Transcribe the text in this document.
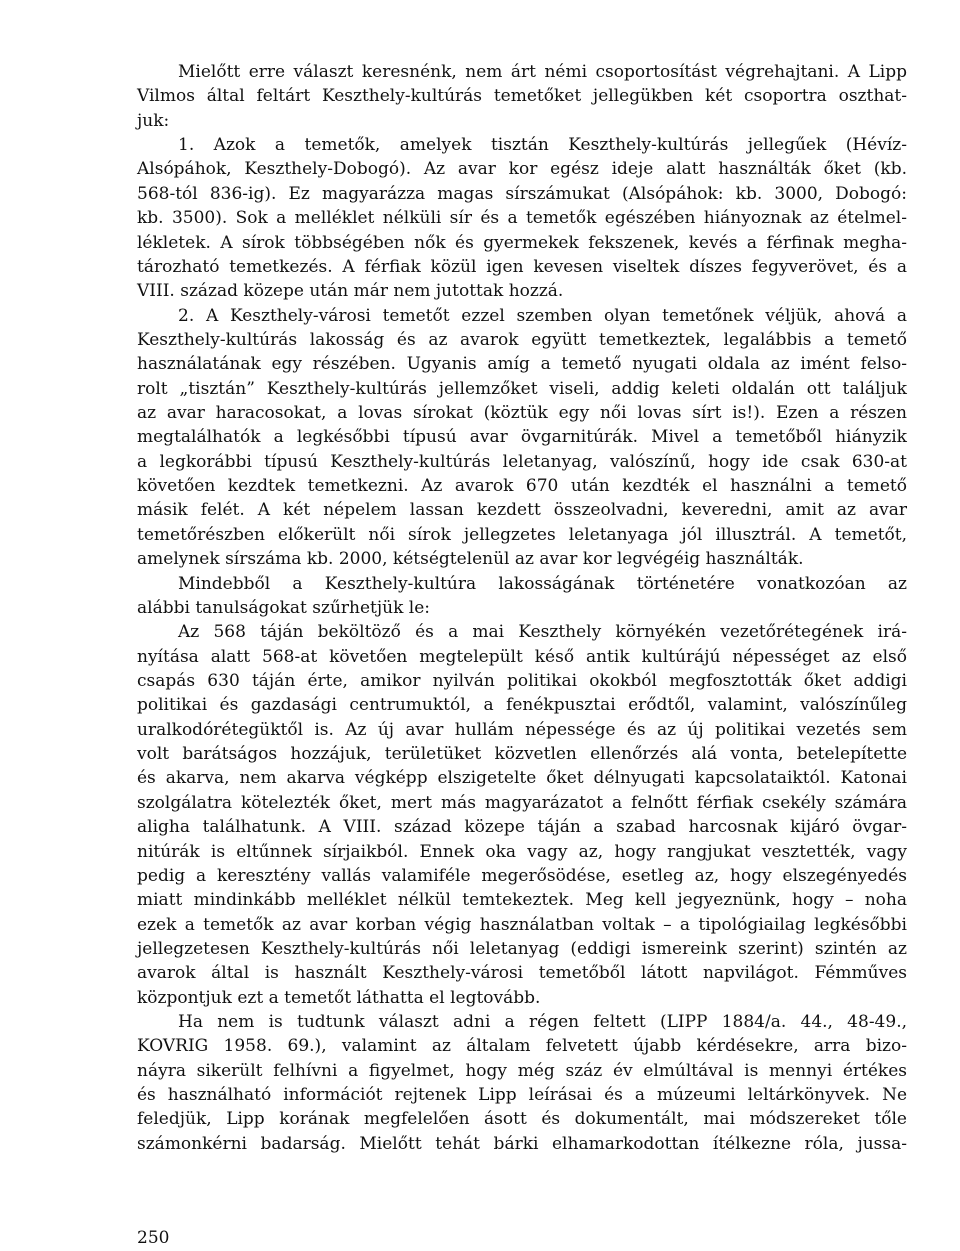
Mielőtt erre választ keresnénk, nem árt némi csoportosítást végrehajtani. A Lipp
Vilmos által feltárt Keszthely-kultúrás temetőket jellegükben két csoportra oszthat-
juk:
1. Azok a temetők, amelyek tisztán Keszthely-kultúrás jellegűek (Hévíz-
Alsópáhok, Keszthely-Dobogó). Az avar kor egész ideje alatt használták őket (kb.
568-tól 836-ig). Ez magyarázza magas sírszámukat (Alsópáhok: kb. 3000, Dobogó:
kb. 3500). Sok a melléklet nélküli sír és a temetők egészében hiányoznak az ételmel-
lékletek. A sírok többségében nők és gyermekek fekszenek, kevés a férfinak megha-
tározható temetkezés. A férfiak közül igen kevesen viseltek díszes fegyverövet, és a
VIII. század közepe után már nem jutottak hozzá.
2. A Keszthely-városi temetőt ezzel szemben olyan temetőnek véljük, ahová a
Keszthely-kultúrás lakosság és az avarok együtt temetkeztek, legalábbis a temető
használatának egy részében. Ugyanis amíg a temető nyugati oldala az imént felso-
rolt „tisztán” Keszthely-kultúrás jellemzőket viseli, addig keleti oldalán ott találjuk
az avar haracosokat, a lovas sírokat (köztük egy női lovas sírt is!). Ezen a részen
megtalálhatók a legkésőbbi típusú avar övgarnitúrák. Mivel a temetőből hiányzik
a legkorábbi típusú Keszthely-kultúrás leletanyag, valószínű, hogy ide csak 630-at
követően kezdtek temetkezni. Az avarok 670 után kezdték el használni a temető
másik felét. A két népelem lassan kezdett összeolvadni, keveredni, amit az avar
temetőrészben előkerült női sírok jellegzetes leletanyaga jól illusztrál. A temetőt,
amelynek sírszáma kb. 2000, kétségtelenül az avar kor legvégéig használták.
Mindebből a Keszthely-kultúra lakosságának történetére vonatkozóan az
alábbi tanulságokat szűrhetjük le:
Az 568 táján beköltöző és a mai Keszthely környékén vezetőrétegének irá-
nyítása alatt 568-at követően megtelepült késő antik kultúrájú népességet az első
csapás 630 táján érte, amikor nyilván politikai okokból megfosztották őket addigi
politikai és gazdasági centrumuktól, a fenékpusztai erődtől, valamint, valószínűleg
uralkodórétegüktől is. Az új avar hullám népessége és az új politikai vezetés sem
volt barátságos hozzájuk, területüket közvetlen ellenőrzés alá vonta, betelepítette
és akarva, nem akarva végképp elszigetelte őket délnyugati kapcsolataiktól. Katonai
szolgálatra kötelezték őket, mert más magyarázatot a felnőtt férfiak csekély számára
aligha találhatunk. A VIII. század közepe táján a szabad harcosnak kijáró övgar-
nitúrák is eltűnnek sírjaikból. Ennek oka vagy az, hogy rangjukat vesztették, vagy
pedig a keresztény vallás valamiféle megerősödése, esetleg az, hogy elszegényedés
miatt mindinkább melléklet nélkül temtekeztek. Meg kell jegyeznünk, hogy – noha
ezek a temetők az avar korban végig használatban voltak – a tipológiailag legkésőbbi
jellegzetesen Keszthely-kultúrás női leletanyag (eddigi ismereink szerint) szintén az
avarok által is használt Keszthely-városi temetőből látott napvilágot. Fémműves
központjuk ezt a temetőt láthatta el legtovább.
Ha nem is tudtunk választ adni a régen feltett (LIPP 1884/a. 44., 48-49.,
KOVRIG 1958. 69.), valamint az általam felvetett újabb kérdésekre, arra bizo-
náyra sikerült felhívni a figyelmet, hogy még száz év elmúltával is mennyi értékes
és használható információt rejtenek Lipp leírásai és a múzeumi leltárkönyvek. Ne
feledjük, Lipp korának megfelelően ásott és dokumentált, mai módszereket tőle
számonkérni badarság. Mielőtt tehát bárki elhamarkodottan ítélkezne róla, jussa-
250
